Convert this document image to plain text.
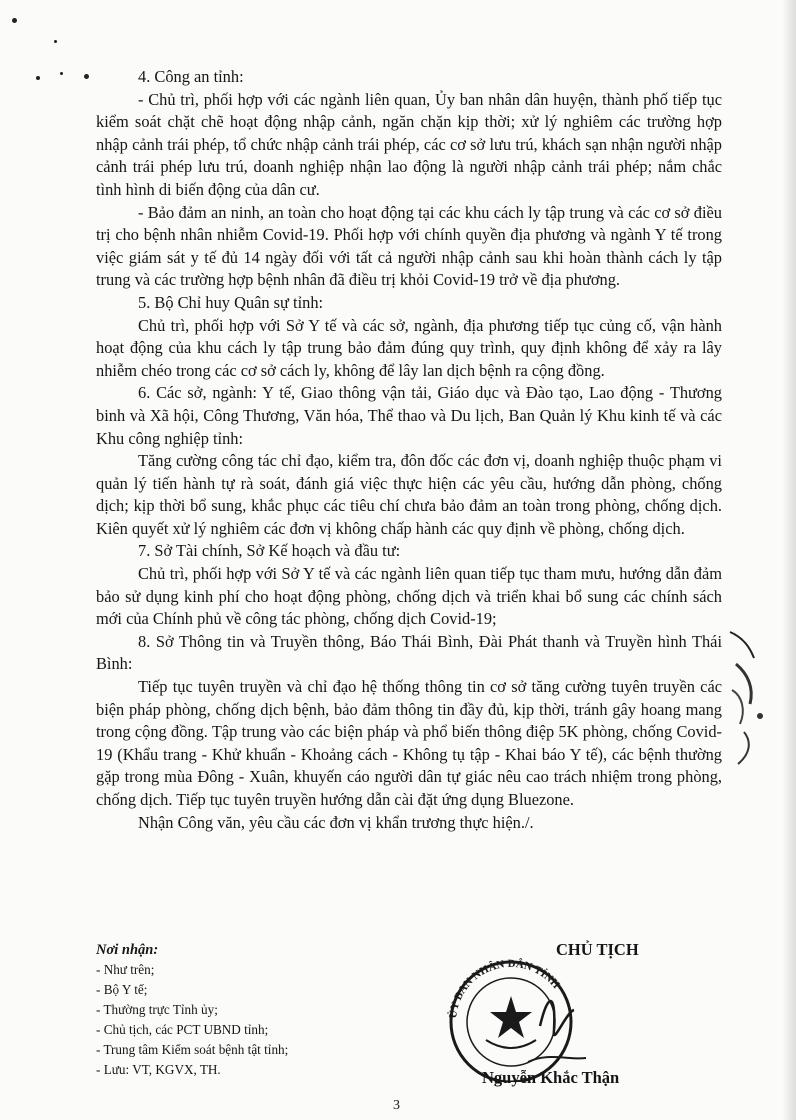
4. Công an tỉnh:

- Chủ trì, phối hợp với các ngành liên quan, Ủy ban nhân dân huyện, thành phố tiếp tục kiểm soát chặt chẽ hoạt động nhập cảnh, ngăn chặn kịp thời; xử lý nghiêm các trường hợp nhập cảnh trái phép, tổ chức nhập cảnh trái phép, các cơ sở lưu trú, khách sạn nhận người nhập cảnh trái phép lưu trú, doanh nghiệp nhận lao động là người nhập cảnh trái phép; nắm chắc tình hình di biến động của dân cư.

- Bảo đảm an ninh, an toàn cho hoạt động tại các khu cách ly tập trung và các cơ sở điều trị cho bệnh nhân nhiễm Covid-19. Phối hợp với chính quyền địa phương và ngành Y tế trong việc giám sát y tế đủ 14 ngày đối với tất cả người nhập cảnh sau khi hoàn thành cách ly tập trung và các trường hợp bệnh nhân đã điều trị khỏi Covid-19 trở về địa phương.

5. Bộ Chỉ huy Quân sự tỉnh:

Chủ trì, phối hợp với Sở Y tế và các sở, ngành, địa phương tiếp tục củng cố, vận hành hoạt động của khu cách ly tập trung bảo đảm đúng quy trình, quy định không để xảy ra lây nhiễm chéo trong các cơ sở cách ly, không để lây lan dịch bệnh ra cộng đồng.

6. Các sở, ngành: Y tế, Giao thông vận tải, Giáo dục và Đào tạo, Lao động - Thương binh và Xã hội, Công Thương, Văn hóa, Thể thao và Du lịch, Ban Quản lý Khu kinh tế và các Khu công nghiệp tỉnh:

Tăng cường công tác chỉ đạo, kiểm tra, đôn đốc các đơn vị, doanh nghiệp thuộc phạm vi quản lý tiến hành tự rà soát, đánh giá việc thực hiện các yêu cầu, hướng dẫn phòng, chống dịch; kịp thời bổ sung, khắc phục các tiêu chí chưa bảo đảm an toàn trong phòng, chống dịch. Kiên quyết xử lý nghiêm các đơn vị không chấp hành các quy định về phòng, chống dịch.

7. Sở Tài chính, Sở Kế hoạch và đầu tư:

Chủ trì, phối hợp với Sở Y tế và các ngành liên quan tiếp tục tham mưu, hướng dẫn đảm bảo sử dụng kinh phí cho hoạt động phòng, chống dịch và triển khai bổ sung các chính sách mới của Chính phủ về công tác phòng, chống dịch Covid-19;

8. Sở Thông tin và Truyền thông, Báo Thái Bình, Đài Phát thanh và Truyền hình Thái Bình:

Tiếp tục tuyên truyền và chỉ đạo hệ thống thông tin cơ sở tăng cường tuyên truyền các biện pháp phòng, chống dịch bệnh, bảo đảm thông tin đầy đủ, kịp thời, tránh gây hoang mang trong cộng đồng. Tập trung vào các biện pháp và phổ biến thông điệp 5K phòng, chống Covid-19 (Khẩu trang - Khử khuẩn - Khoảng cách - Không tụ tập - Khai báo Y tế), các bệnh thường gặp trong mùa Đông - Xuân, khuyến cáo người dân tự giác nêu cao trách nhiệm trong phòng, chống dịch. Tiếp tục tuyên truyền hướng dẫn cài đặt ứng dụng Bluezone.

Nhận Công văn, yêu cầu các đơn vị khẩn trương thực hiện./.

Nơi nhận:
- Như trên;
- Bộ Y tế;
- Thường trực Tỉnh ủy;
- Chủ tịch, các PCT UBND tỉnh;
- Trung tâm Kiểm soát bệnh tật tỉnh;
- Lưu: VT, KGVX, TH.
ỦY BAN NHÂN DÂN TỈNH
CHỦ TỊCH
Nguyễn Khắc Thận
3
